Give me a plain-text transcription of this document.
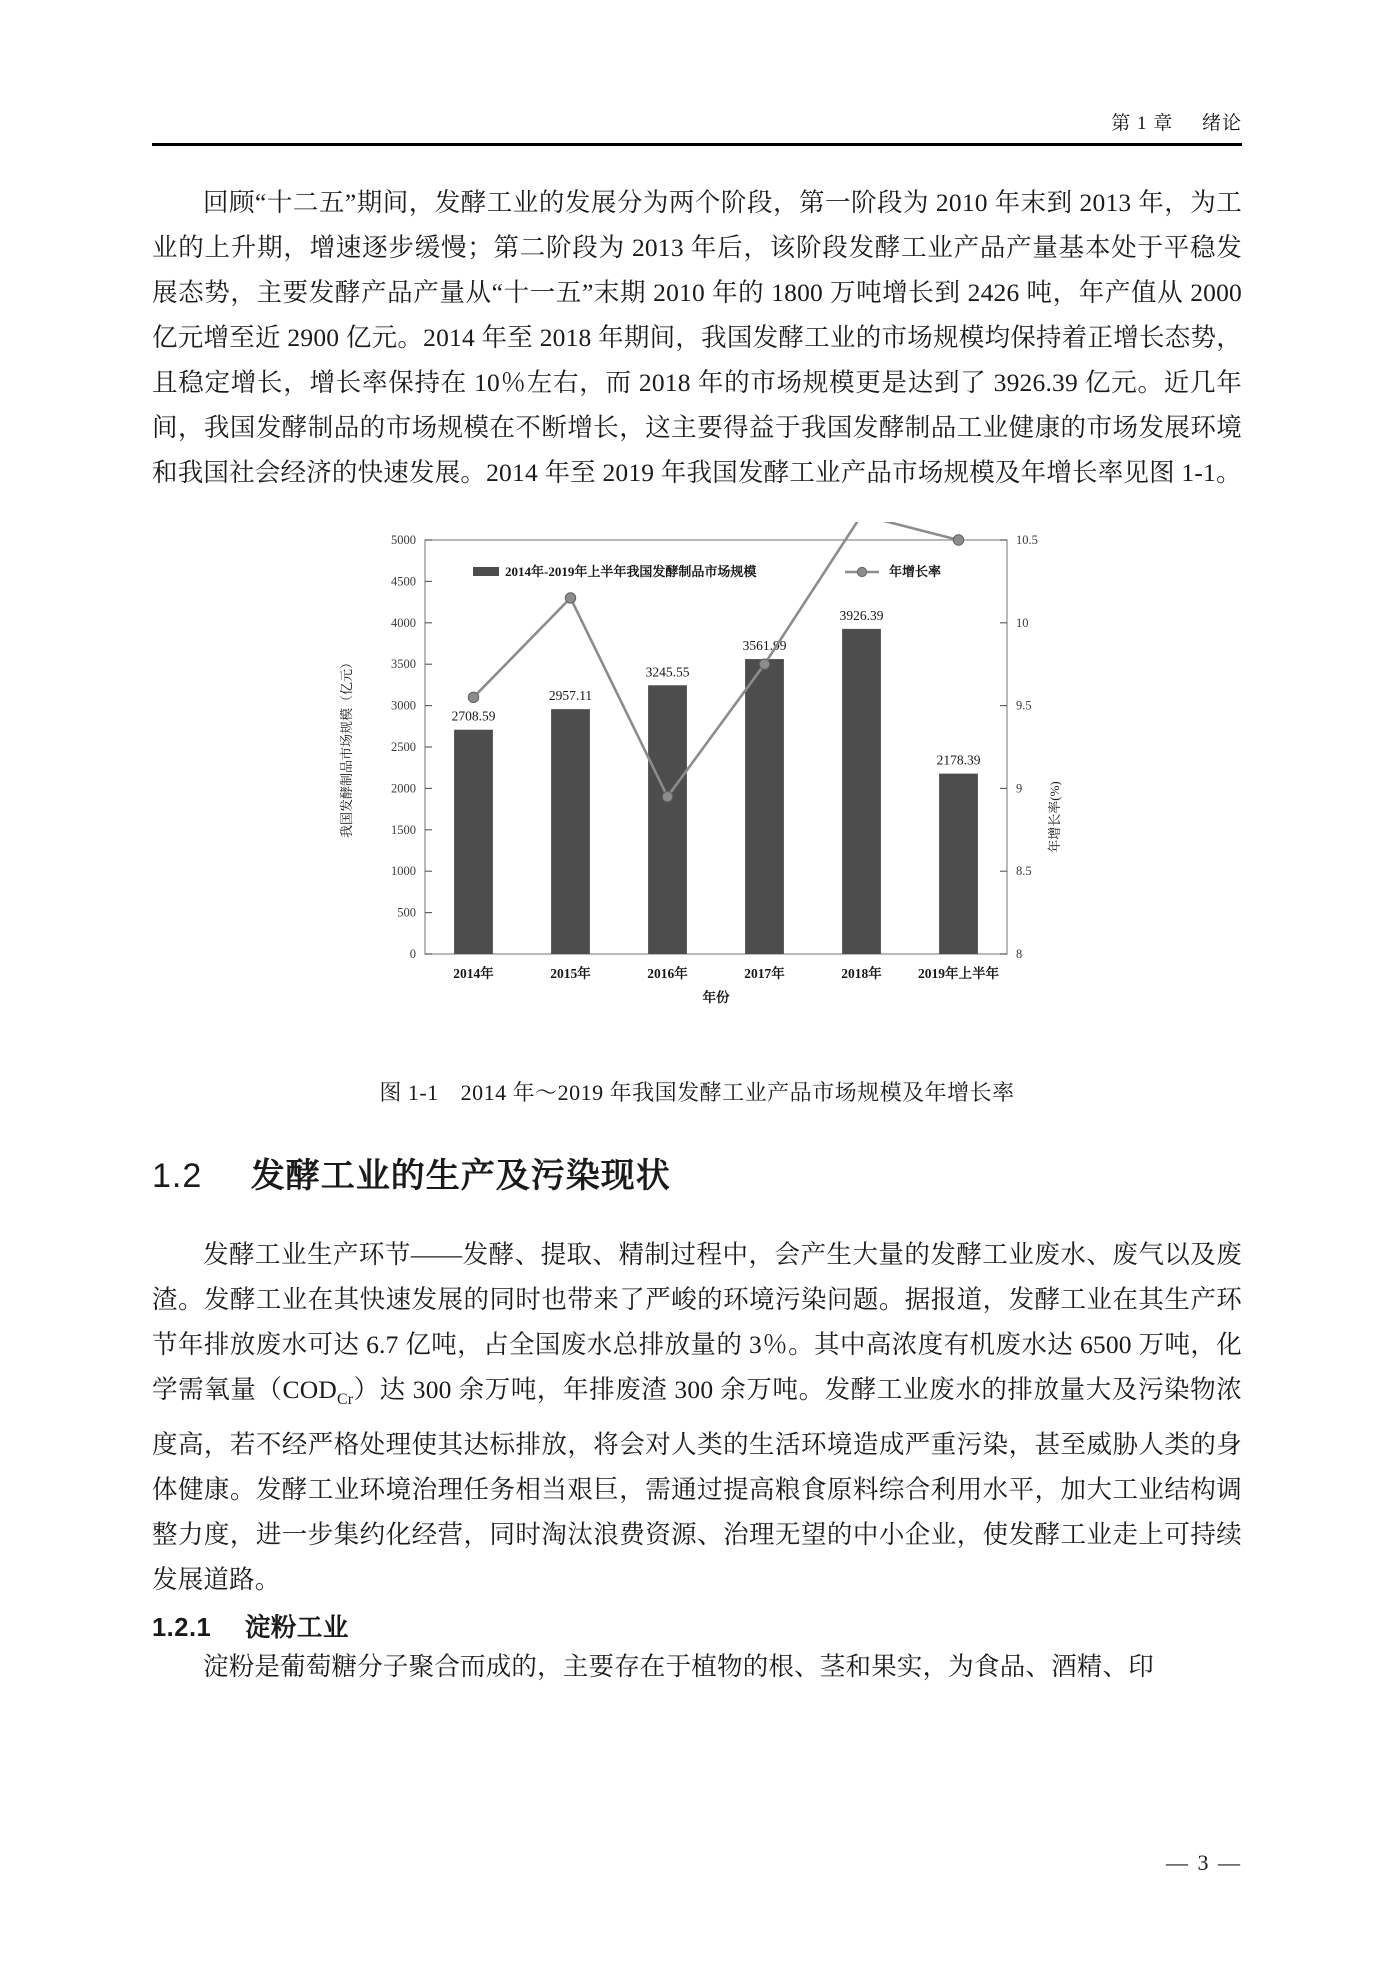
第 1 章 绪论

回顾“十二五”期间，发酵工业的发展分为两个阶段，第一阶段为 2010 年末到 2013 年，为工业的上升期，增速逐步缓慢；第二阶段为 2013 年后，该阶段发酵工业产品产量基本处于平稳发展态势，主要发酵产品产量从“十一五”末期 2010 年的 1800 万吨增长到 2426 吨，年产值从 2000 亿元增至近 2900 亿元。2014 年至 2018 年期间，我国发酵工业的市场规模均保持着正增长态势，且稳定增长，增长率保持在 10％左右，而 2018 年的市场规模更是达到了 3926.39 亿元。近几年间，我国发酵制品的市场规模在不断增长，这主要得益于我国发酵制品工业健康的市场发展环境和我国社会经济的快速发展。2014 年至 2019 年我国发酵工业产品市场规模及年增长率见图 1-1。

0
500
1000
1500
2000
2500
3000
3500
4000
4500
5000
8
8.5
9
9.5
10
10.5
2708.59
2957.11
3245.55
3561.99
3926.39
2178.39
2014年	2015年	2016年	2017年	2018年	2019年上半年
年份
我国发酵制品市场规模（亿元）	年增长率(%)
2014年-2019年上半年我国发酵制品市场规模	年增长率
图 1-1 2014 年～2019 年我国发酵工业产品市场规模及年增长率
1.2 发酵工业的生产及污染现状

发酵工业生产环节——发酵、提取、精制过程中，会产生大量的发酵工业废水、废气以及废渣。发酵工业在其快速发展的同时也带来了严峻的环境污染问题。据报道，发酵工业在其生产环节年排放废水可达 6.7 亿吨，占全国废水总排放量的 3％。其中高浓度有机废水达 6500 万吨，化学需氧量$(COD_{Cr})$达 300 余万吨，年排废渣 300 余万吨。发酵工业废水的排放量大及污染物浓度高，若不经严格处理使其达标排放，将会对人类的生活环境造成严重污染，甚至威胁人类的身体健康。发酵工业环境治理任务相当艰巨，需通过提高粮食原料综合利用水平，加大工业结构调整力度，进一步集约化经营，同时淘汰浪费资源、治理无望的中小企业，使发酵工业走上可持续发展道路。

1.2.1 淀粉工业

淀粉是葡萄糖分子聚合而成的，主要存在于植物的根、茎和果实，为食品、酒精、印

— 3 —
